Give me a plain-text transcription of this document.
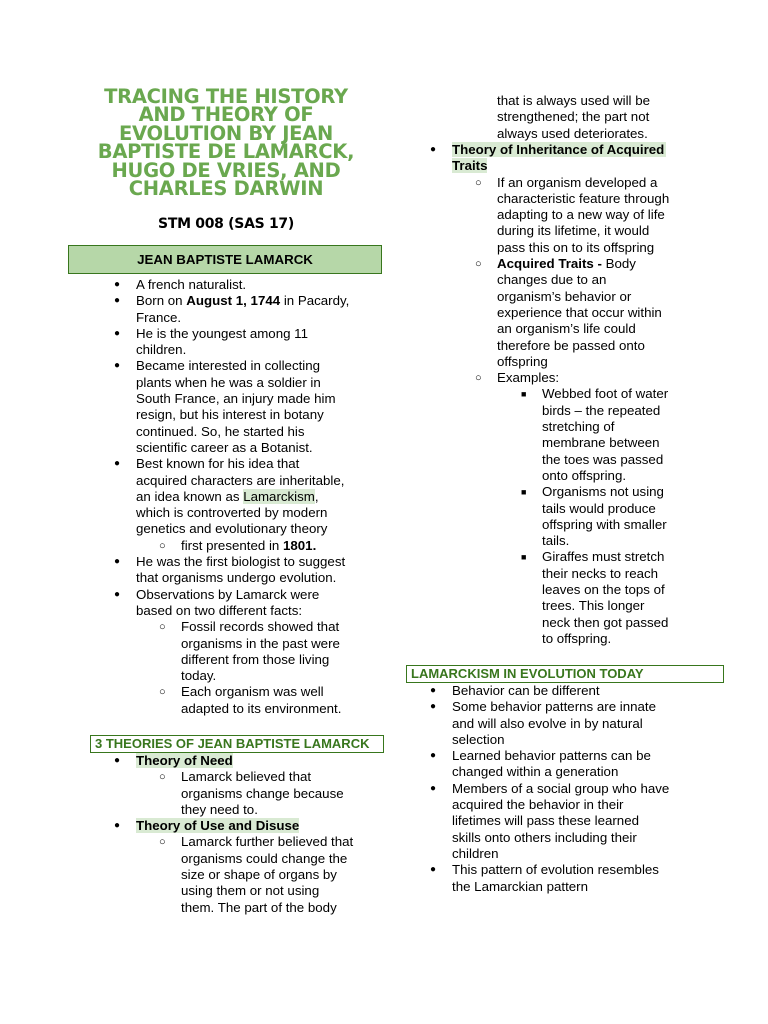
TRACING THE HISTORY AND THEORY OF EVOLUTION BY JEAN BAPTISTE DE LAMARCK, HUGO DE VRIES, AND CHARLES DARWIN
STM 008 (SAS 17)
JEAN BAPTISTE LAMARCK
● A french naturalist.
● Born on August 1, 1744 in Pacardy,
France.
● He is the youngest among 11
children.
● Became interested in collecting
plants when he was a soldier in
South France, an injury made him
resign, but his interest in botany
continued. So, he started his
scientific career as a Botanist.
● Best known for his idea that
acquired characters are inheritable,
an idea known as Lamarckism,
which is controverted by modern
genetics and evolutionary theory
○ first presented in 1801.
● He was the first biologist to suggest
that organisms undergo evolution.
● Observations by Lamarck were
based on two different facts:
○ Fossil records showed that
organisms in the past were
different from those living
today.
○ Each organism was well
adapted to its environment.
3 THEORIES OF JEAN BAPTISTE LAMARCK
● Theory of Need
○ Lamarck believed that
organisms change because
they need to.
● Theory of Use and Disuse
○ Lamarck further believed that
organisms could change the
size or shape of organs by
using them or not using
them. The part of the body
that is always used will be
strengthened; the part not
always used deteriorates.
● Theory of Inheritance of Acquired
Traits
○ If an organism developed a
characteristic feature through
adapting to a new way of life
during its lifetime, it would
pass this on to its offspring
○ Acquired Traits - Body
changes due to an
organism’s behavior or
experience that occur within
an organism’s life could
therefore be passed onto
offspring
○ Examples:
■ Webbed foot of water
birds – the repeated
stretching of
membrane between
the toes was passed
onto offspring.
■ Organisms not using
tails would produce
offspring with smaller
tails.
■ Giraffes must stretch
their necks to reach
leaves on the tops of
trees. This longer
neck then got passed
to offspring.
LAMARCKISM IN EVOLUTION TODAY
● Behavior can be different
● Some behavior patterns are innate
and will also evolve in by natural
selection
● Learned behavior patterns can be
changed within a generation
● Members of a social group who have
acquired the behavior in their
lifetimes will pass these learned
skills onto others including their
children
● This pattern of evolution resembles
the Lamarckian pattern
